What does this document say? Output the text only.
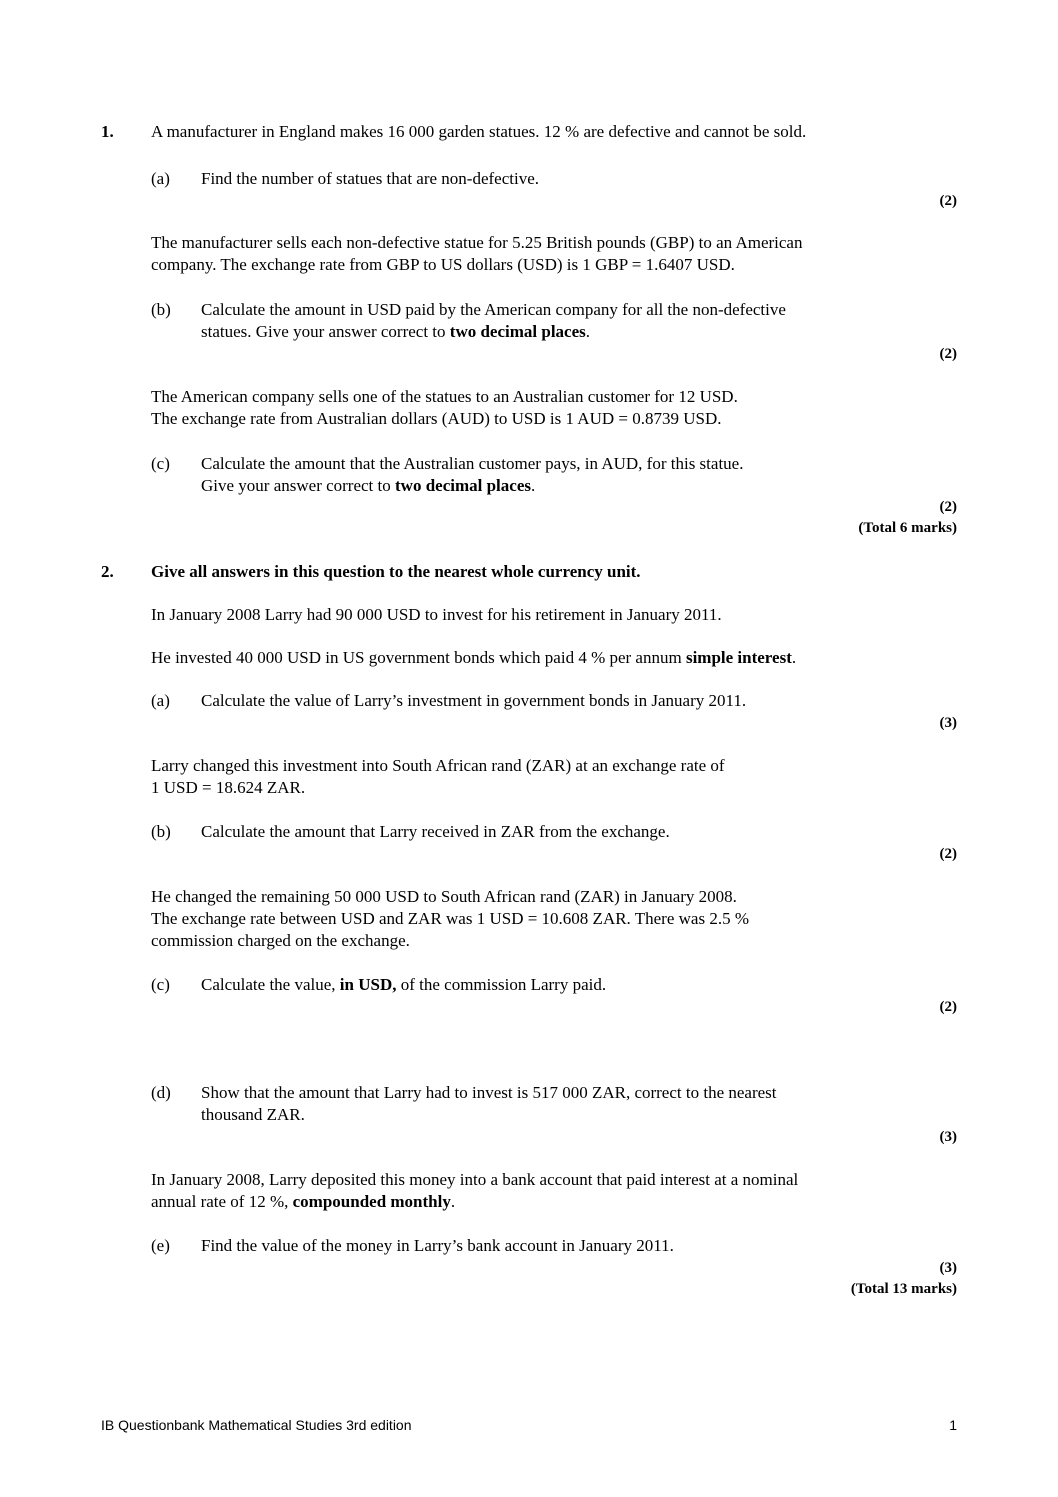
1. A manufacturer in England makes 16 000 garden statues. 12 % are defective and cannot be sold.
(a) Find the number of statues that are non-defective.
(2)
The manufacturer sells each non-defective statue for 5.25 British pounds (GBP) to an American
company. The exchange rate from GBP to US dollars (USD) is 1 GBP = 1.6407 USD.
(b) Calculate the amount in USD paid by the American company for all the non-defective
statues. Give your answer correct to two decimal places.
(2)
The American company sells one of the statues to an Australian customer for 12 USD.
The exchange rate from Australian dollars (AUD) to USD is 1 AUD = 0.8739 USD.
(c) Calculate the amount that the Australian customer pays, in AUD, for this statue.
Give your answer correct to two decimal places.
(2)
(Total 6 marks)
2. Give all answers in this question to the nearest whole currency unit.
In January 2008 Larry had 90 000 USD to invest for his retirement in January 2011.
He invested 40 000 USD in US government bonds which paid 4 % per annum simple interest.
(a) Calculate the value of Larry’s investment in government bonds in January 2011.
(3)
Larry changed this investment into South African rand (ZAR) at an exchange rate of
1 USD = 18.624 ZAR.
(b) Calculate the amount that Larry received in ZAR from the exchange.
(2)
He changed the remaining 50 000 USD to South African rand (ZAR) in January 2008.
The exchange rate between USD and ZAR was 1 USD = 10.608 ZAR. There was 2.5 %
commission charged on the exchange.
(c) Calculate the value, in USD, of the commission Larry paid.
(2)
(d) Show that the amount that Larry had to invest is 517 000 ZAR, correct to the nearest
thousand ZAR.
(3)
In January 2008, Larry deposited this money into a bank account that paid interest at a nominal
annual rate of 12 %, compounded monthly.
(e) Find the value of the money in Larry’s bank account in January 2011.
(3)
(Total 13 marks)
IB Questionbank Mathematical Studies 3rd edition	1
